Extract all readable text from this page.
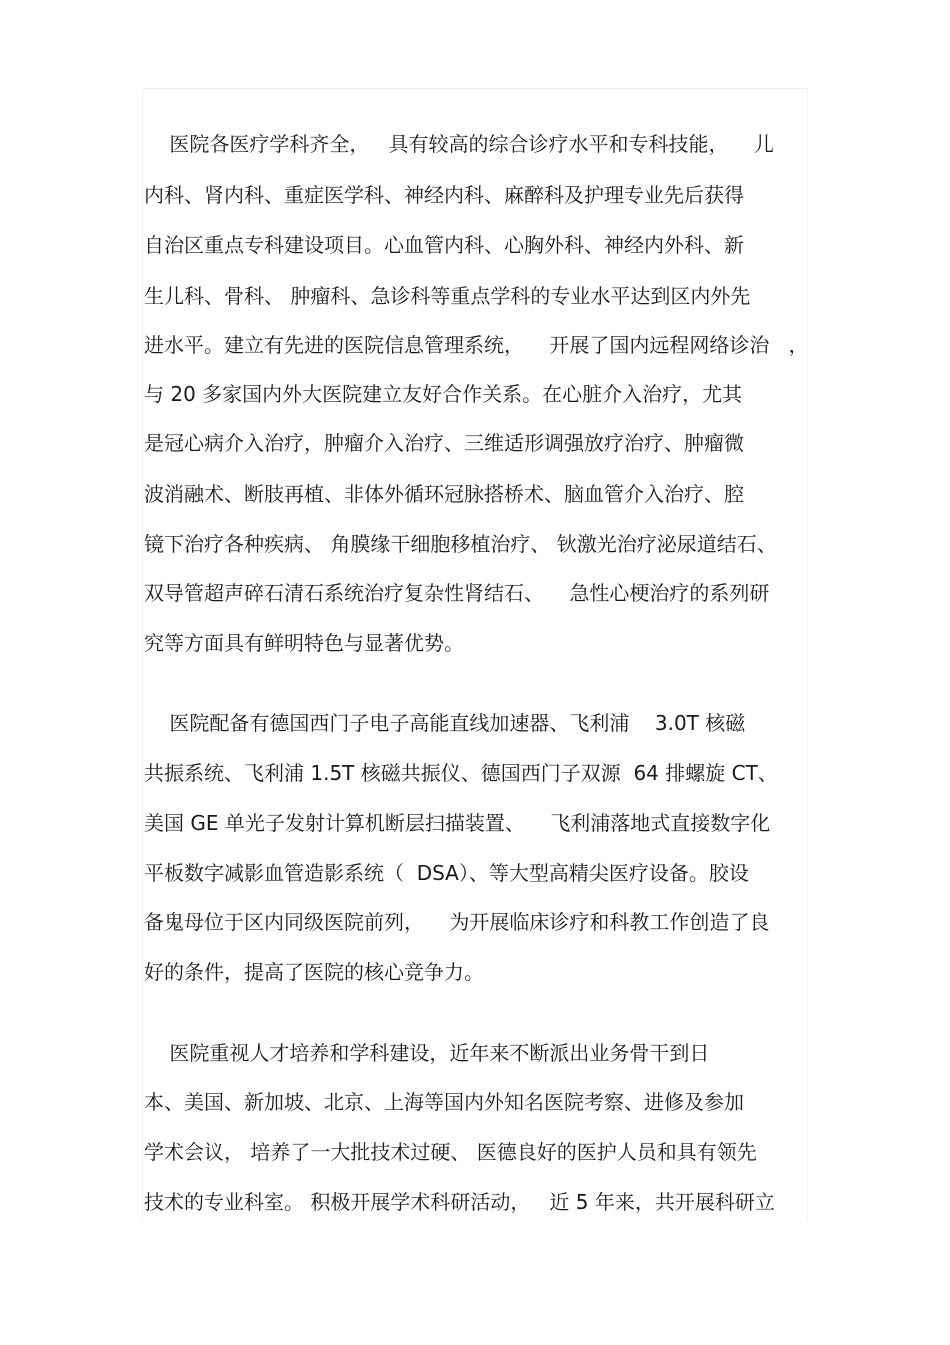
医院各医疗学科齐全，   具有较高的综合诊疗水平和专科技能，    儿
内科、肾内科、重症医学科、神经内科、麻醉科及护理专业先后获得
自治区重点专科建设项目。心血管内科、心胸外科、神经内外科、新
生儿科、骨科、 肿瘤科、急诊科等重点学科的专业水平达到区内外先
进水平。建立有先进的医院信息管理系统，    开展了国内远程网络诊治   ，
与 20 多家国内外大医院建立友好合作关系。在心脏介入治疗，尤其
是冠心病介入治疗，肿瘤介入治疗、三维适形调强放疗治疗、肿瘤微
波消融术、断肢再植、非体外循环冠脉搭桥术、脑血管介入治疗、腔
镜下治疗各种疾病、 角膜缘干细胞移植治疗、 钬激光治疗泌尿道结石、
双导管超声碎石清石系统治疗复杂性肾结石、    急性心梗治疗的系列研
究等方面具有鲜明特色与显著优势。
医院配备有德国西门子电子高能直线加速器、飞利浦    3.0T 核磁
共振系统、飞利浦 1.5T 核磁共振仪、德国西门子双源  64 排螺旋 CT、
美国 GE 单光子发射计算机断层扫描装置、    飞利浦落地式直接数字化
平板数字减影血管造影系统（  DSA）、等大型高精尖医疗设备。胶设
备鬼母位于区内同级医院前列，    为开展临床诊疗和科教工作创造了良
好的条件，提高了医院的核心竞争力。
医院重视人才培养和学科建设，近年来不断派出业务骨干到日
本、美国、新加坡、北京、上海等国内外知名医院考察、进修及参加
学术会议， 培养了一大批技术过硬、 医德良好的医护人员和具有领先
技术的专业科室。 积极开展学术科研活动，   近 5 年来，共开展科研立
